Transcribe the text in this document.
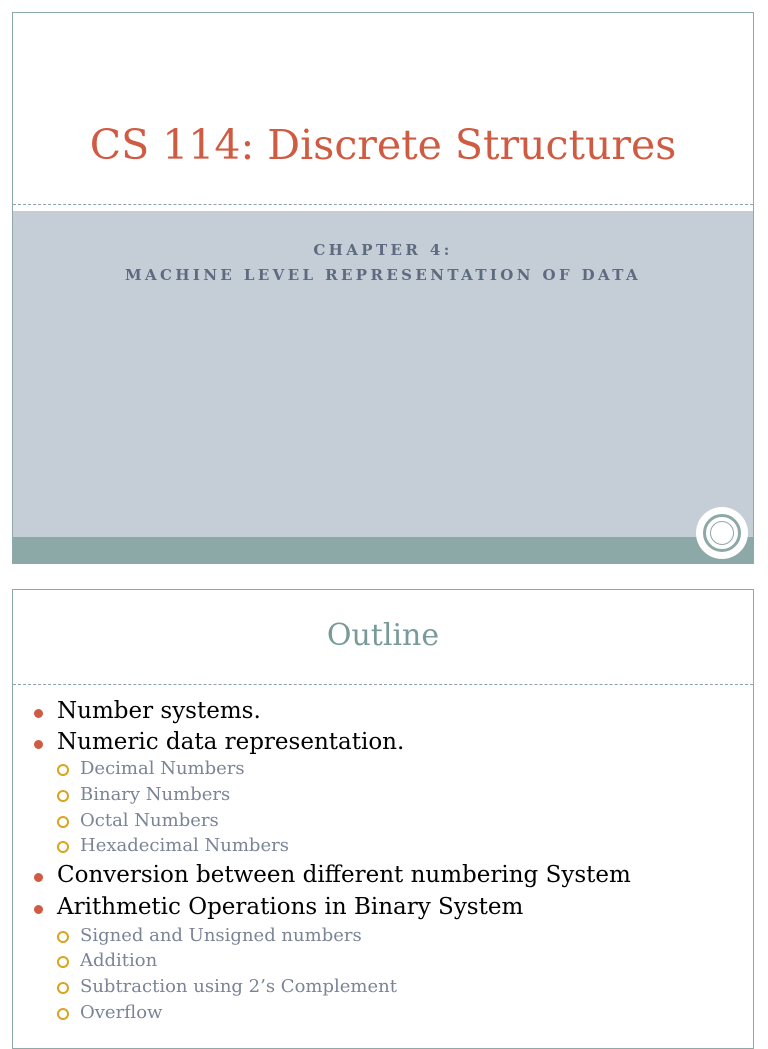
CS 114: Discrete Structures
CHAPTER 4:
MACHINE LEVEL REPRESENTATION OF DATA
Outline
Number systems.
Numeric data representation.
Decimal Numbers
Binary Numbers
Octal Numbers
Hexadecimal Numbers
Conversion between different numbering System
Arithmetic Operations in Binary System
Signed and Unsigned numbers
Addition
Subtraction using 2’s Complement
Overflow
